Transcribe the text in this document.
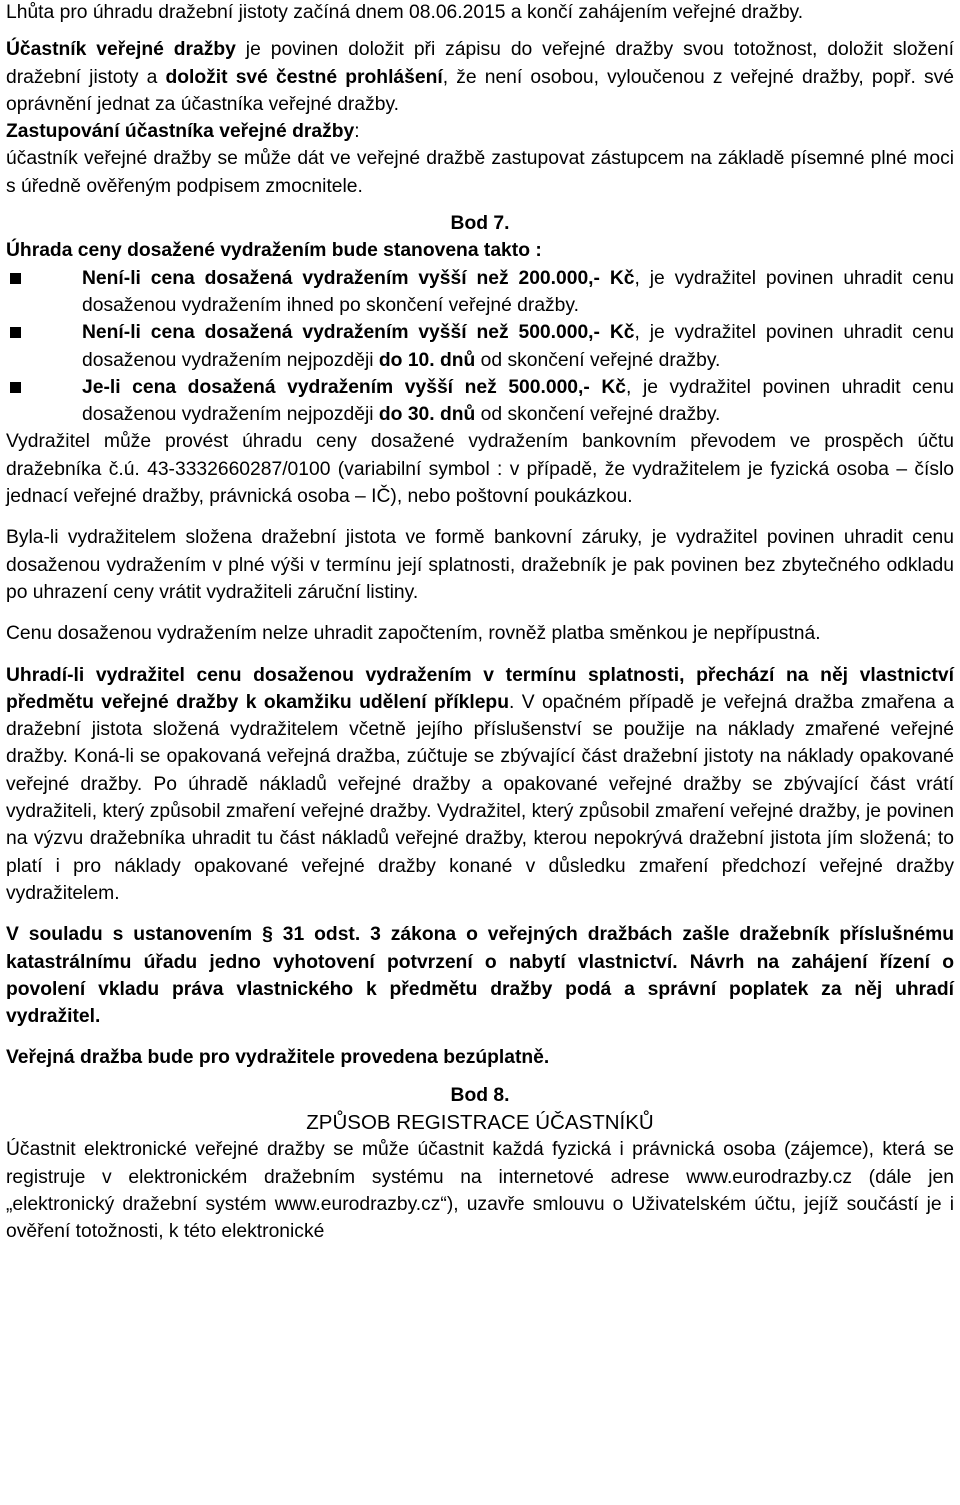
Lhůta pro úhradu dražební jistoty začíná dnem 08.06.2015 a končí zahájením veřejné dražby.

Účastník veřejné dražby je povinen doložit při zápisu do veřejné dražby svou totožnost, doložit složení dražební jistoty a doložit své čestné prohlášení, že není osobou, vyloučenou z veřejné dražby, popř. své oprávnění jednat za účastníka veřejné dražby.

Zastupování účastníka veřejné dražby:

účastník veřejné dražby se může dát ve veřejné dražbě zastupovat zástupcem na základě písemné plné moci s úředně ověřeným podpisem zmocnitele.

Bod 7.

Úhrada ceny dosažené vydražením bude stanovena takto :

Není-li cena dosažená vydražením vyšší než 200.000,- Kč, je vydražitel povinen uhradit cenu dosaženou vydražením ihned po skončení veřejné dražby.
Není-li cena dosažená vydražením vyšší než 500.000,- Kč, je vydražitel povinen uhradit cenu dosaženou vydražením nejpozději do 10. dnů od skončení veřejné dražby.
Je-li cena dosažená vydražením vyšší než 500.000,- Kč, je vydražitel povinen uhradit cenu dosaženou vydražením nejpozději do 30. dnů od skončení veřejné dražby.

Vydražitel může provést úhradu ceny dosažené vydražením bankovním převodem ve prospěch účtu dražebníka č.ú. 43-3332660287/0100 (variabilní symbol : v případě, že vydražitelem je fyzická osoba – číslo jednací veřejné dražby, právnická osoba – IČ), nebo poštovní poukázkou.

Byla-li vydražitelem složena dražební jistota ve formě bankovní záruky, je vydražitel povinen uhradit cenu dosaženou vydražením v plné výši v termínu její splatnosti, dražebník je pak povinen bez zbytečného odkladu po uhrazení ceny vrátit vydražiteli záruční listiny.

Cenu dosaženou vydražením nelze uhradit započtením, rovněž platba směnkou je nepřípustná.

Uhradí-li vydražitel cenu dosaženou vydražením v termínu splatnosti, přechází na něj vlastnictví předmětu veřejné dražby k okamžiku udělení příklepu. V opačném případě je veřejná dražba zmařena a dražební jistota složená vydražitelem včetně jejího příslušenství se použije na náklady zmařené veřejné dražby. Koná-li se opakovaná veřejná dražba, zúčtuje se zbývající část dražební jistoty na náklady opakované veřejné dražby. Po úhradě nákladů veřejné dražby a opakované veřejné dražby se zbývající část vrátí vydražiteli, který způsobil zmaření veřejné dražby. Vydražitel, který způsobil zmaření veřejné dražby, je povinen na výzvu dražebníka uhradit tu část nákladů veřejné dražby, kterou nepokrývá dražební jistota jím složená; to platí i pro náklady opakované veřejné dražby konané v důsledku zmaření předchozí veřejné dražby vydražitelem.

V souladu s ustanovením § 31 odst. 3 zákona o veřejných dražbách zašle dražebník příslušnému katastrálnímu úřadu jedno vyhotovení potvrzení o nabytí vlastnictví. Návrh na zahájení řízení o povolení vkladu práva vlastnického k předmětu dražby podá a správní poplatek za něj uhradí vydražitel.

Veřejná dražba bude pro vydražitele provedena bezúplatně.

Bod 8.

ZPŮSOB REGISTRACE ÚČASTNÍKŮ

Účastnit elektronické veřejné dražby se může účastnit každá fyzická i právnická osoba (zájemce), která se registruje v elektronickém dražebním systému na internetové adrese www.eurodrazby.cz (dále jen „elektronický dražební systém www.eurodrazby.cz“), uzavře smlouvu o Uživatelském účtu, jejíž součástí je i ověření totožnosti, k této elektronické
